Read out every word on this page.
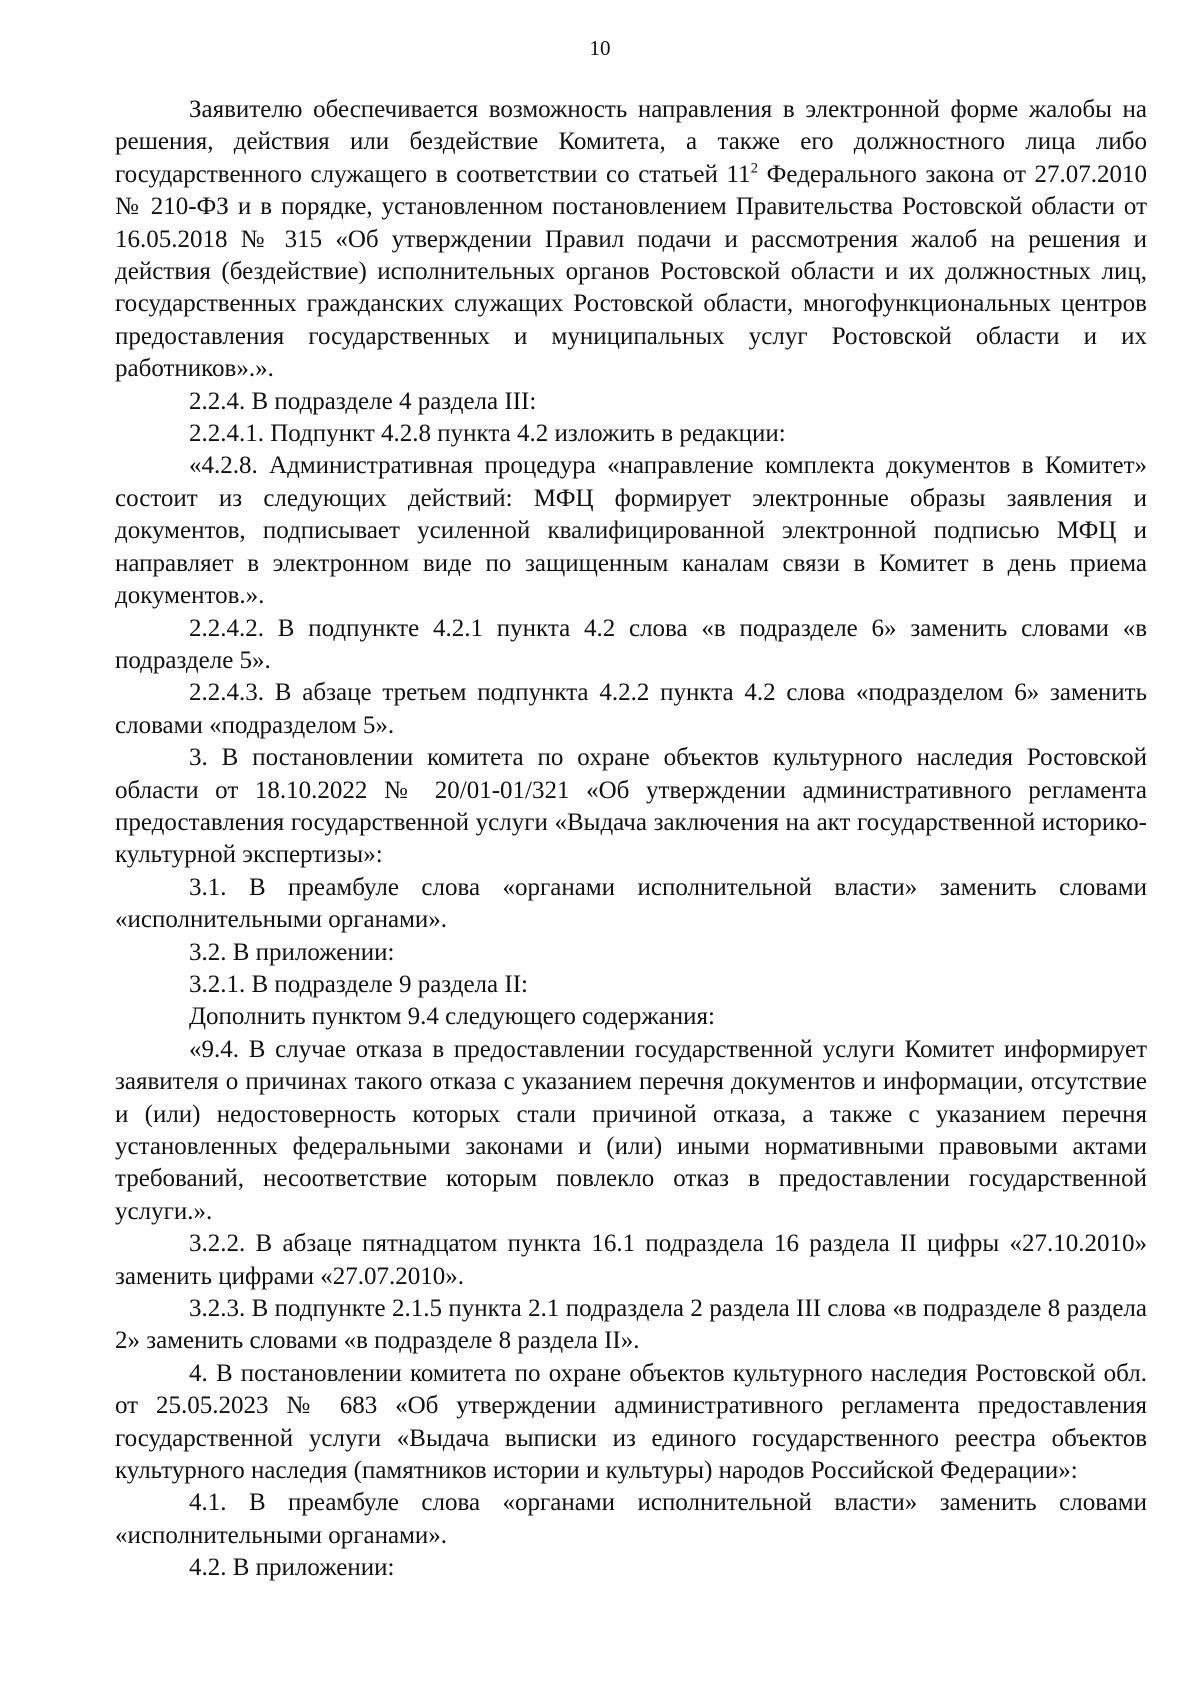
10

Заявителю обеспечивается возможность направления в электронной форме жалобы на решения, действия или бездействие Комитета, а также его должностного лица либо государственного служащего в соответствии со статьей $11^2$ Федерального закона от 27.07.2010 № 210-ФЗ и в порядке, установленном постановлением Правительства Ростовской области от 16.05.2018 № 315 «Об утверждении Правил подачи и рассмотрения жалоб на решения и действия (бездействие) исполнительных органов Ростовской области и их должностных лиц, государственных гражданских служащих Ростовской области, многофункциональных центров предоставления государственных и муниципальных услуг Ростовской области и их работников».».

2.2.4. В подразделе 4 раздела III:

2.2.4.1. Подпункт 4.2.8 пункта 4.2 изложить в редакции:

«4.2.8. Административная процедура «направление комплекта документов в Комитет» состоит из следующих действий: МФЦ формирует электронные образы заявления и документов, подписывает усиленной квалифицированной электронной подписью МФЦ и направляет в электронном виде по защищенным каналам связи в Комитет в день приема документов.».

2.2.4.2. В подпункте 4.2.1 пункта 4.2 слова «в подразделе 6» заменить словами «в подразделе 5».

2.2.4.3. В абзаце третьем подпункта 4.2.2 пункта 4.2 слова «подразделом 6» заменить словами «подразделом 5».

3. В постановлении комитета по охране объектов культурного наследия Ростовской области от 18.10.2022 № 20/01-01/321 «Об утверждении административного регламента предоставления государственной услуги «Выдача заключения на акт государственной историко-культурной экспертизы»:

3.1. В преамбуле слова «органами исполнительной власти» заменить словами «исполнительными органами».

3.2. В приложении:

3.2.1. В подразделе 9 раздела II:

Дополнить пунктом 9.4 следующего содержания:

«9.4. В случае отказа в предоставлении государственной услуги Комитет информирует заявителя о причинах такого отказа с указанием перечня документов и информации, отсутствие и (или) недостоверность которых стали причиной отказа, а также с указанием перечня установленных федеральными законами и (или) иными нормативными правовыми актами требований, несоответствие которым повлекло отказ в предоставлении государственной услуги.».

3.2.2. В абзаце пятнадцатом пункта 16.1 подраздела 16 раздела II цифры «27.10.2010» заменить цифрами «27.07.2010».

3.2.3. В подпункте 2.1.5 пункта 2.1 подраздела 2 раздела III слова «в подразделе 8 раздела 2» заменить словами «в подразделе 8 раздела II».

4. В постановлении комитета по охране объектов культурного наследия Ростовской обл. от 25.05.2023 № 683 «Об утверждении административного регламента предоставления государственной услуги «Выдача выписки из единого государственного реестра объектов культурного наследия (памятников истории и культуры) народов Российской Федерации»:

4.1. В преамбуле слова «органами исполнительной власти» заменить словами «исполнительными органами».

4.2. В приложении:
